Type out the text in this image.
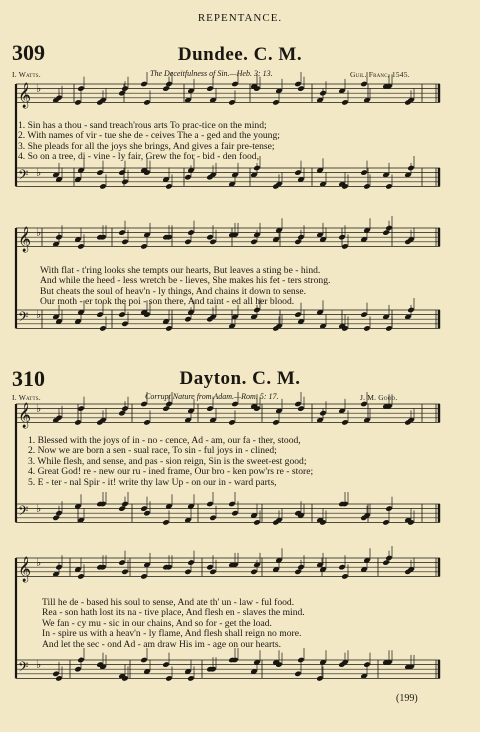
REPENTANCE.
309	Dundee. C. M.
I. Watts.	The Deceitfulness of Sin.—Heb. 3: 13.	Guil. Franc, 1545.
𝄞 ♭
𝄢 ♭
1. Sin has a thou - sand treach'rous arts To prac-tice on the mind;
2. With names of vir - tue she de - ceives The a - ged and the young;
3. She pleads for all the joys she brings, And gives a fair pre-tense;
4. So on a tree, di - vine - ly fair, Grew the for - bid - den food,
𝄞 ♭
𝄢 ♭
With flat - t'ring looks she tempts our hearts, But leaves a sting be - hind.
And while the heed - less wretch be - lieves, She makes his fet - ters strong.
But cheats the soul of heav'n - ly things, And chains it down to sense.
Our moth - er took the poi - son there, And taint - ed all her blood.
310	Dayton. C. M.
I. Watts.	Corrupt Nature from Adam.—Rom. 5: 17.	J. M. Good.
𝄞 ♭
𝄢 ♭
1. Blessed with the joys of in - no - cence, Ad - am, our fa - ther, stood,
2. Now we are born a sen - sual race, To sin - ful joys in - clined;
3. While flesh, and sense, and pas - sion reign, Sin is the sweet-est good;
4. Great God! re - new our ru - ined frame, Our bro - ken pow'rs re - store;
5. E - ter - nal Spir - it! write thy law Up - on our in - ward parts,
𝄞 ♭
𝄢 ♭
Till he de - based his soul to sense, And ate th' un - law - ful food.
Rea - son hath lost its na - tive place, And flesh en - slaves the mind.
We fan - cy mu - sic in our chains, And so for - get the load.
In - spire us with a heav'n - ly flame, And flesh shall reign no more.
And let the sec - ond Ad - am draw His im - age on our hearts.
(199)
